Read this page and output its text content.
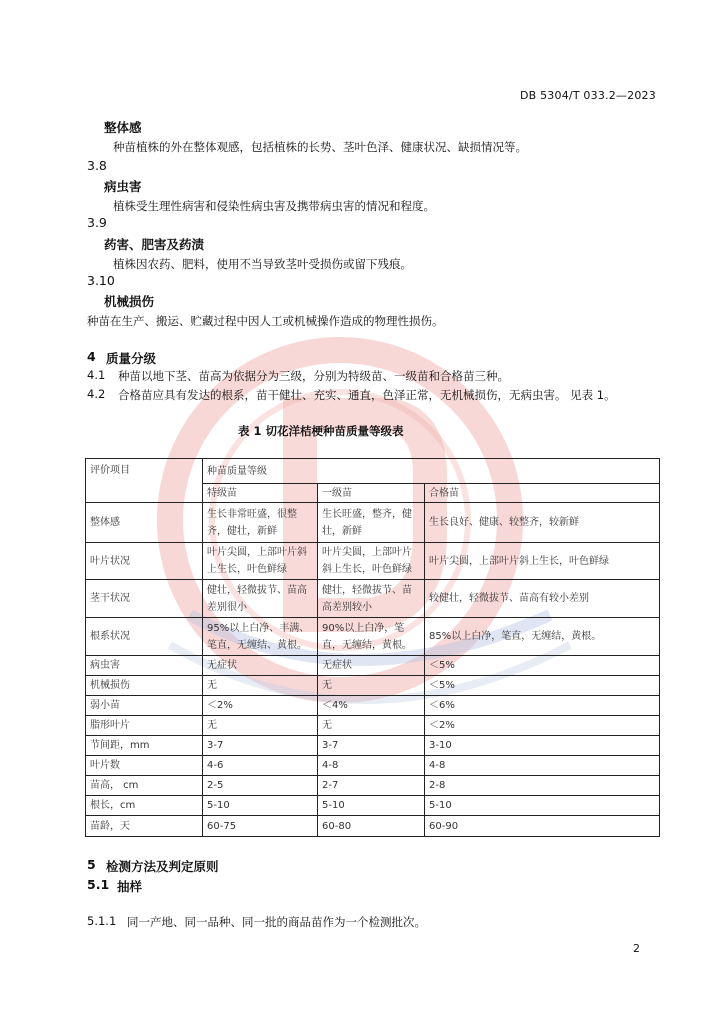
DB 5304/T 033.2—2023
整体感
种苗植株的外在整体观感，包括植株的长势、茎叶色泽、健康状况、缺损情况等。
3.8
病虫害
植株受生理性病害和侵染性病虫害及携带病虫害的情况和程度。
3.9
药害、肥害及药渍
植株因农药、肥料，使用不当导致茎叶受损伤或留下残痕。
3.10
机械损伤
种苗在生产、搬运、贮藏过程中因人工或机械操作造成的物理性损伤。
4 质量分级
4.1 种苗以地下茎、苗高为依据分为三级，分别为特级苗、一级苗和合格苗三种。
4.2 合格苗应具有发达的根系，苗干健壮、充实、通直，色泽正常，无机械损伤，无病虫害。 见表 1。
表 1 切花洋桔梗种苗质量等级表
评价项目	种苗质量等级		
	特级苗	一级苗	合格苗
整体感	生长非常旺盛，很整齐，健壮，新鲜	生长旺盛，整齐，健壮，新鲜	生长良好、健康、较整齐，较新鲜
叶片状况	叶片尖圆，上部叶片斜上生长，叶色鲜绿	叶片尖圆，上部叶片斜上生长，叶色鲜绿	叶片尖圆，上部叶片斜上生长，叶色鲜绿
茎干状况	健壮，轻微拔节、苗高差别很小	健壮，轻微拔节、苗高差别较小	较健壮，轻微拔节、苗高有较小差别
根系状况	95%以上白净、丰满、笔直，无缠结、黄根。	90%以上白净，笔直，无缠结，黄根。	85%以上白净，笔直，无缠结，黄根。
病虫害	无症状	无症状	＜5%
机械损伤	无	无	＜5%
弱小苗	＜2%	＜4%	＜6%
脂形叶片	无	无	＜2%
节间距，mm	3-7	3-7	3-10
叶片数	4-6	4-8	4-8
苗高， cm	2-5	2-7	2-8
根长，cm	5-10	5-10	5-10
苗龄，天	60-75	60-80	60-90
5 检测方法及判定原则
5.1 抽样
5.1.1 同一产地、同一品种、同一批的商品苗作为一个检测批次。
2
